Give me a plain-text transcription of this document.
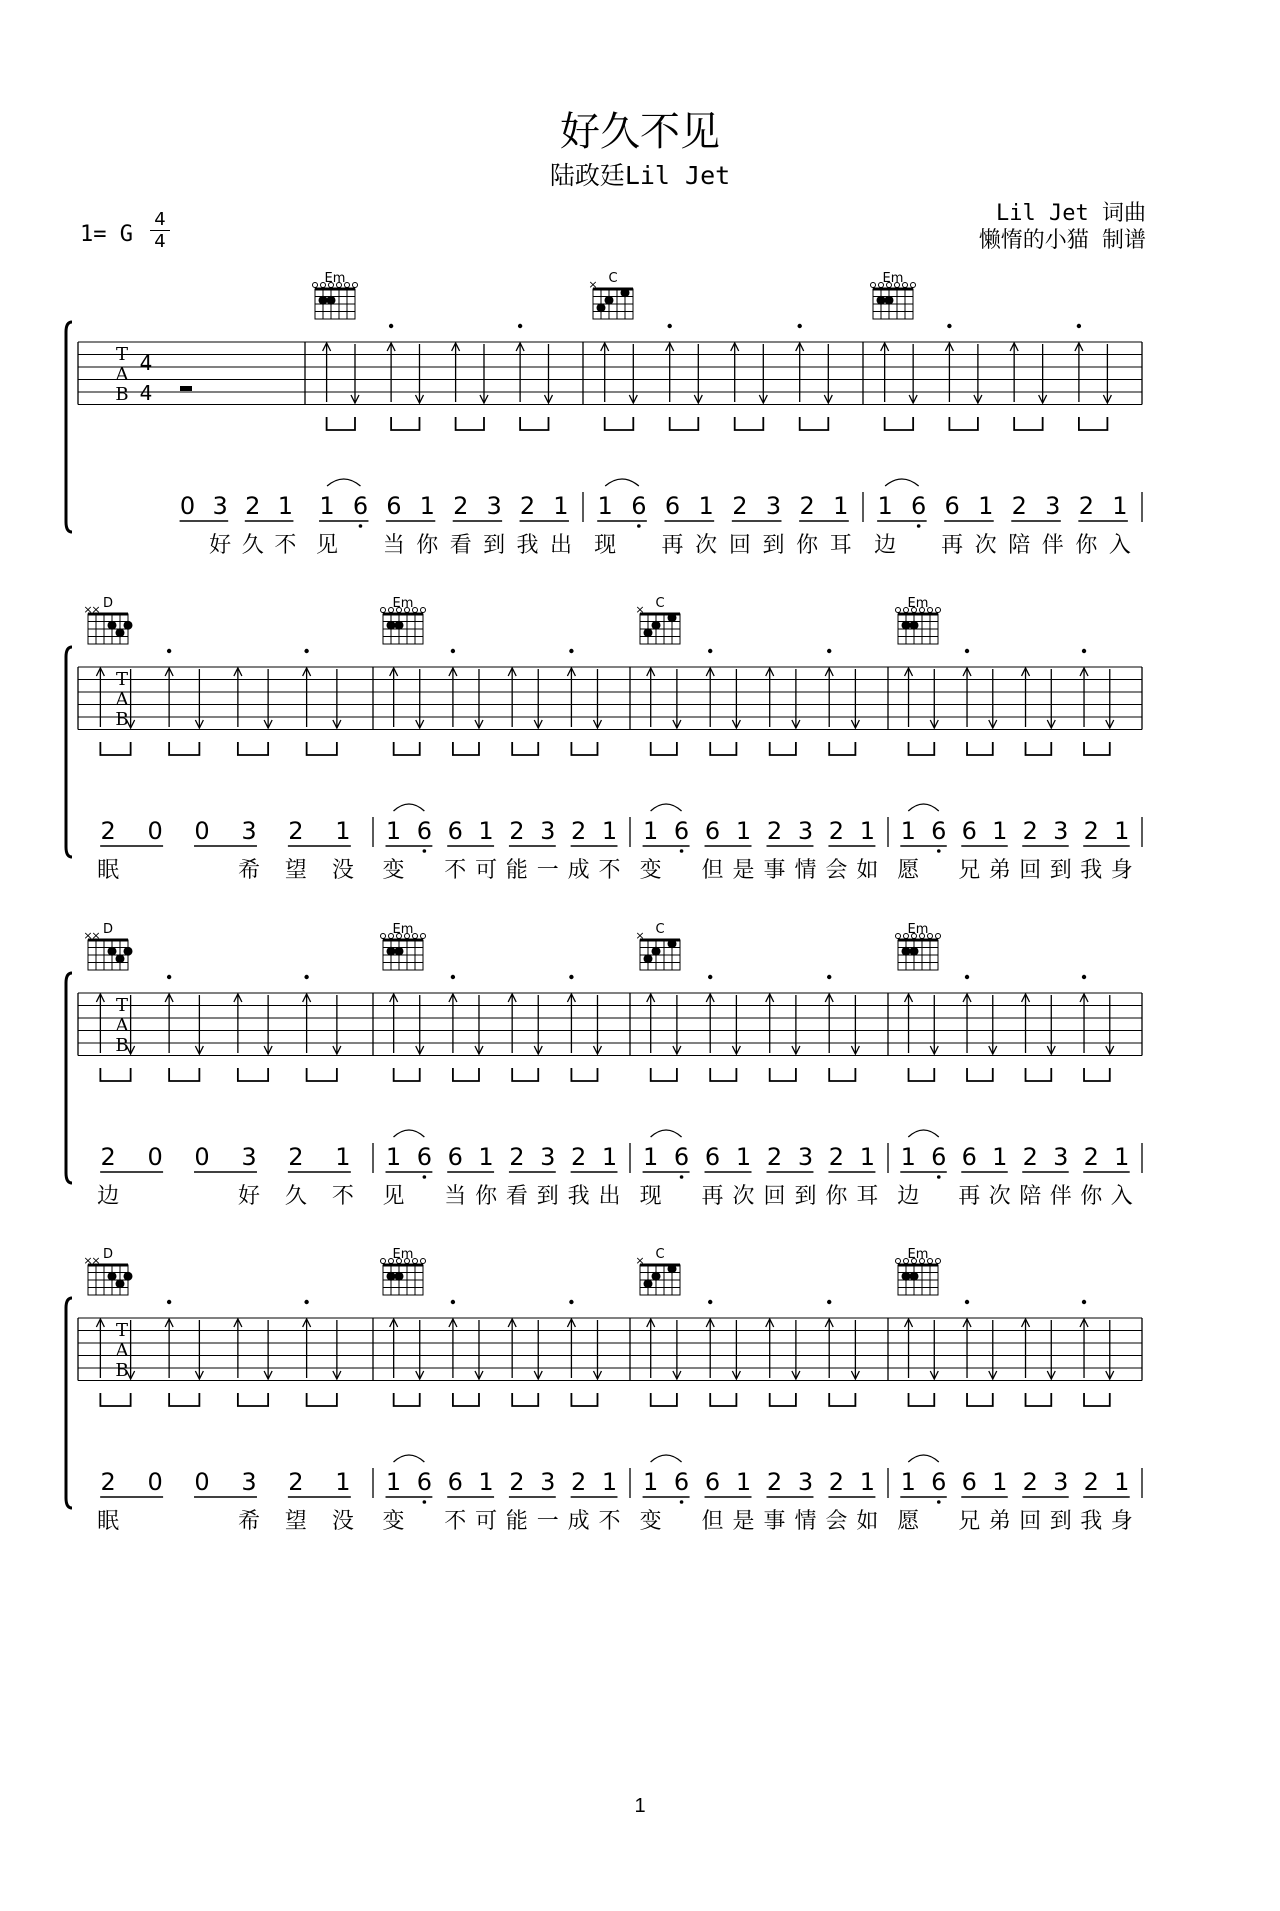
好久不见
陆政廷Lil Jet
Lil Jet 词曲
懒惰的小猫 制谱
1= G
4
4
T
A
B
4
4
0 3
好
2
久
1
不
Em
1
见
6 6
当
1
你
2
看
3
到
2
我
1
出
C
×
1
现
6 6
再
1
次
2
回
3
到
2
你
1
耳
Em
1
边
6 6
再
1
次
2
陪
3
伴
2
你
1
入
T
A
B
D
×
×
2
眠
0 0 3
希
2
望
1
没
Em
1
变
6 6
不
1
可
2
能
3
一
2
成
1
不
C
×
1
变
6 6
但
1
是
2
事
3
情
2
会
1
如
Em
1
愿
6 6
兄
1
弟
2
回
3
到
2
我
1
身
T
A
B
D
×
×
2
边
0 0 3
好
2
久
1
不
Em
1
见
6 6
当
1
你
2
看
3
到
2
我
1
出
C
×
1
现
6 6
再
1
次
2
回
3
到
2
你
1
耳
Em
1
边
6 6
再
1
次
2
陪
3
伴
2
你
1
入
T
A
B
D
×
×
2
眠
0 0 3
希
2
望
1
没
Em
1
变
6 6
不
1
可
2
能
3
一
2
成
1
不
C
×
1
变
6 6
但
1
是
2
事
3
情
2
会
1
如
Em
1
愿
6 6
兄
1
弟
2
回
3
到
2
我
1
身
1
